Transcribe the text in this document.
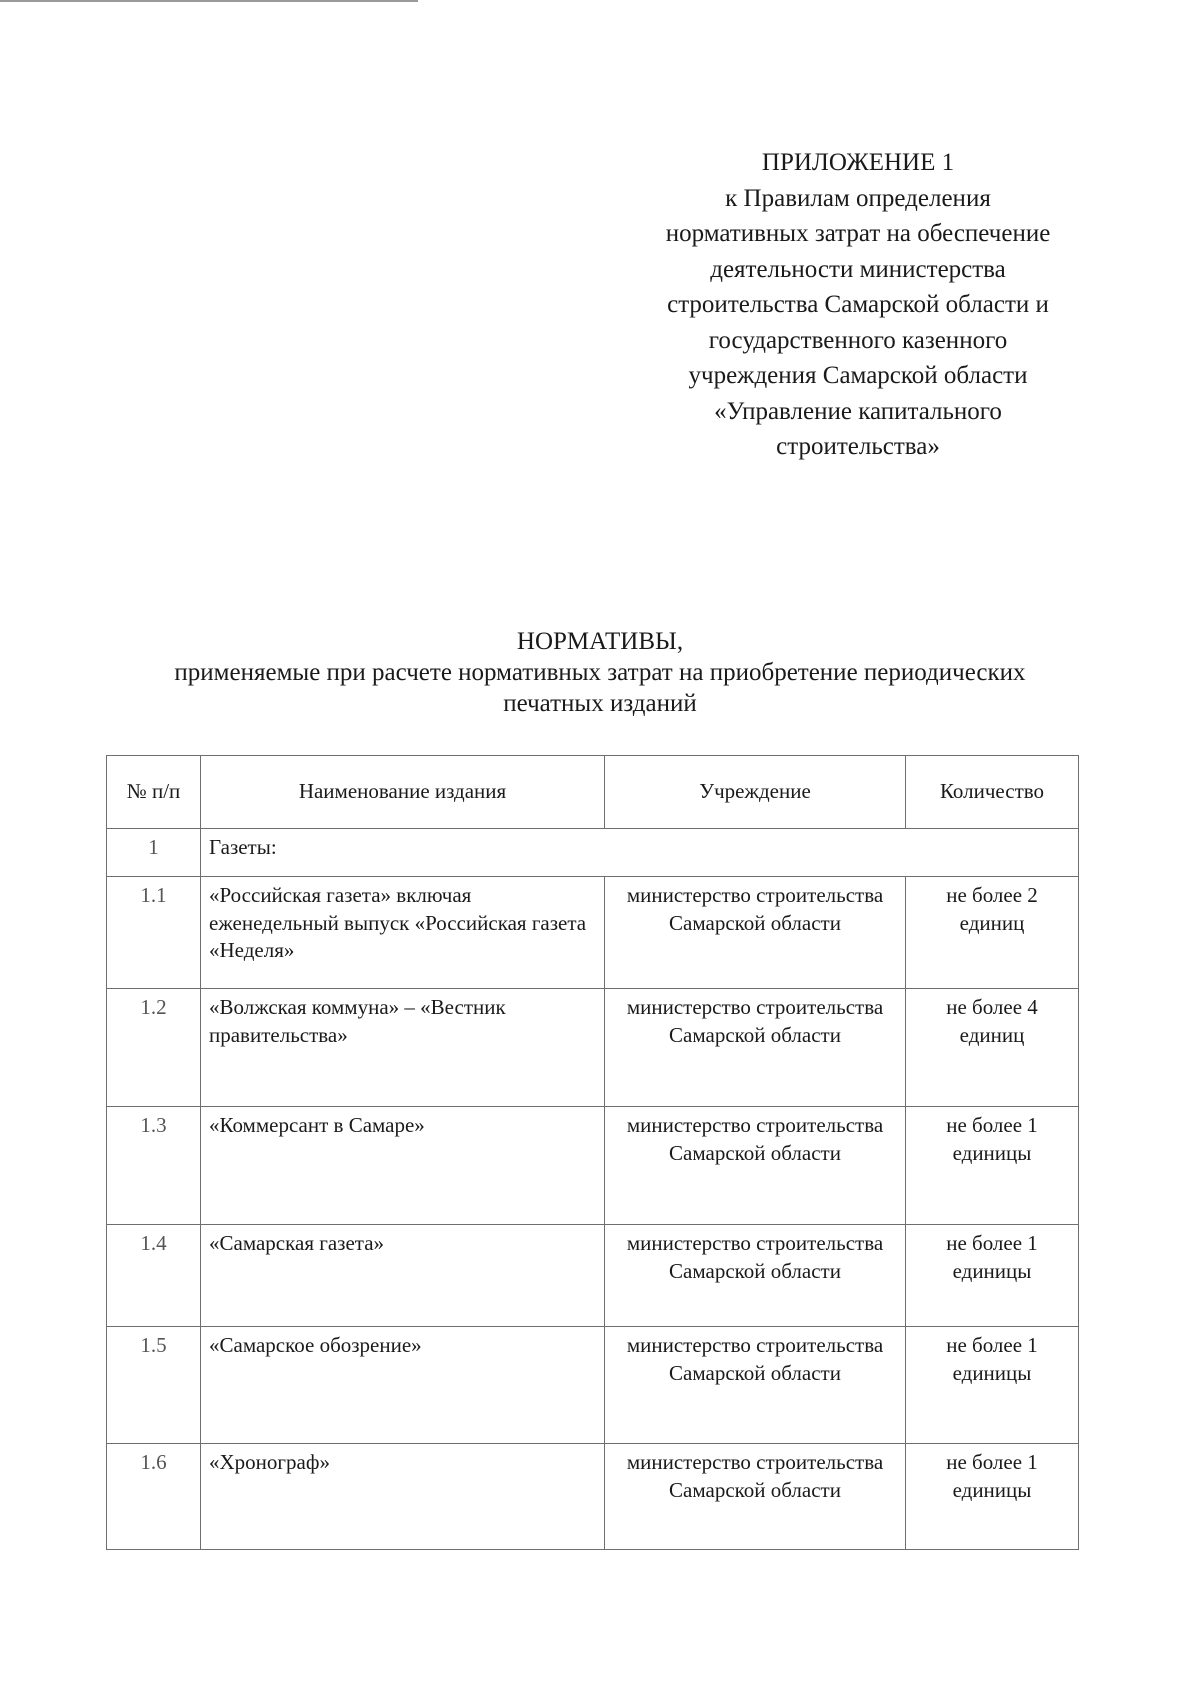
ПРИЛОЖЕНИЕ 1
к Правилам определения
нормативных затрат на обеспечение
деятельности министерства
строительства Самарской области и
государственного казенного
учреждения Самарской области
«Управление капитального
строительства»
НОРМАТИВЫ,
применяемые при расчете нормативных затрат на приобретение периодических
печатных изданий
№ п/п	Наименование издания	Учреждение	Количество
1	Газеты:		
1.1	«Российская газета» включая еженедельный выпуск «Российская газета «Неделя»	министерство строительства Самарской области	не более 2 единиц
1.2	«Волжская коммуна» – «Вестник правительства»	министерство строительства Самарской области	не более 4 единиц
1.3	«Коммерсант в Самаре»	министерство строительства Самарской области	не более 1 единицы
1.4	«Самарская газета»	министерство строительства Самарской области	не более 1 единицы
1.5	«Самарское обозрение»	министерство строительства Самарской области	не более 1 единицы
1.6	«Хронограф»	министерство строительства Самарской области	не более 1 единицы
